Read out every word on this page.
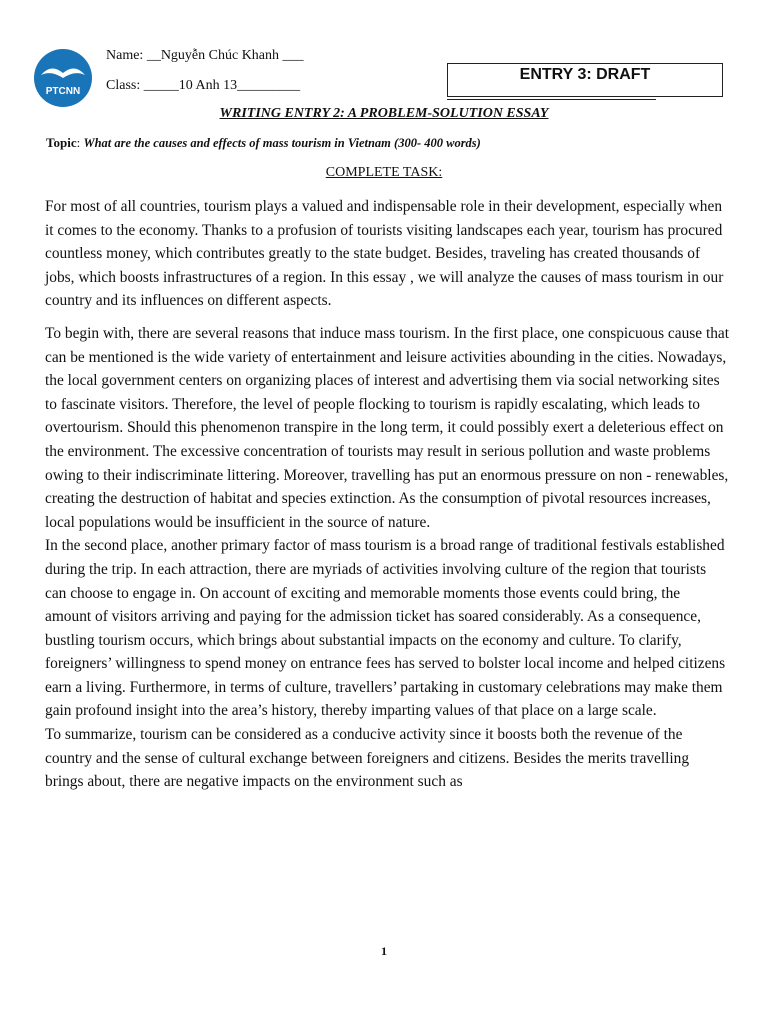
PTCNN
Name: __Nguyễn Chúc Khanh ___
Class: _____10 Anh 13_________
ENTRY 3: DRAFT
WRITING ENTRY 2: A PROBLEM-SOLUTION ESSAY
Topic: What are the causes and effects of mass tourism in Vietnam (300- 400 words)
COMPLETE TASK:

For most of all countries, tourism plays a valued and indispensable role in their development, especially when it comes to the economy. Thanks to a profusion of tourists visiting landscapes each year, tourism has procured countless money, which contributes greatly to the state budget. Besides, traveling has created thousands of jobs, which boosts infrastructures of a region. In this essay , we will analyze the causes of mass tourism in our country and its influences on different aspects.

To begin with, there are several reasons that induce mass tourism. In the first place, one conspicuous cause that can be mentioned is the wide variety of entertainment and leisure activities abounding in the cities. Nowadays, the local government centers on organizing places of interest and advertising them via social networking sites to fascinate visitors. Therefore, the level of people flocking to tourism is rapidly escalating, which leads to overtourism. Should this phenomenon transpire in the long term, it could possibly exert a deleterious effect on the environment. The excessive concentration of tourists may result in serious pollution and waste problems owing to their indiscriminate littering. Moreover, travelling has put an enormous pressure on non - renewables, creating the destruction of habitat and species extinction. As the consumption of pivotal resources increases, local populations would be insufficient in the source of nature.

In the second place, another primary factor of mass tourism is a broad range of traditional festivals established during the trip. In each attraction, there are myriads of activities involving culture of the region that tourists can choose to engage in. On account of exciting and memorable moments those events could bring, the amount of visitors arriving and paying for the admission ticket has soared considerably. As a consequence, bustling tourism occurs, which brings about substantial impacts on the economy and culture. To clarify, foreigners’ willingness to spend money on entrance fees has served to bolster local income and helped citizens earn a living. Furthermore, in terms of culture, travellers’ partaking in customary celebrations may make them gain profound insight into the area’s history, thereby imparting values of that place on a large scale.

To summarize, tourism can be considered as a conducive activity since it boosts both the revenue of the country and the sense of cultural exchange between foreigners and citizens. Besides the merits travelling brings about, there are negative impacts on the environment such as

1
